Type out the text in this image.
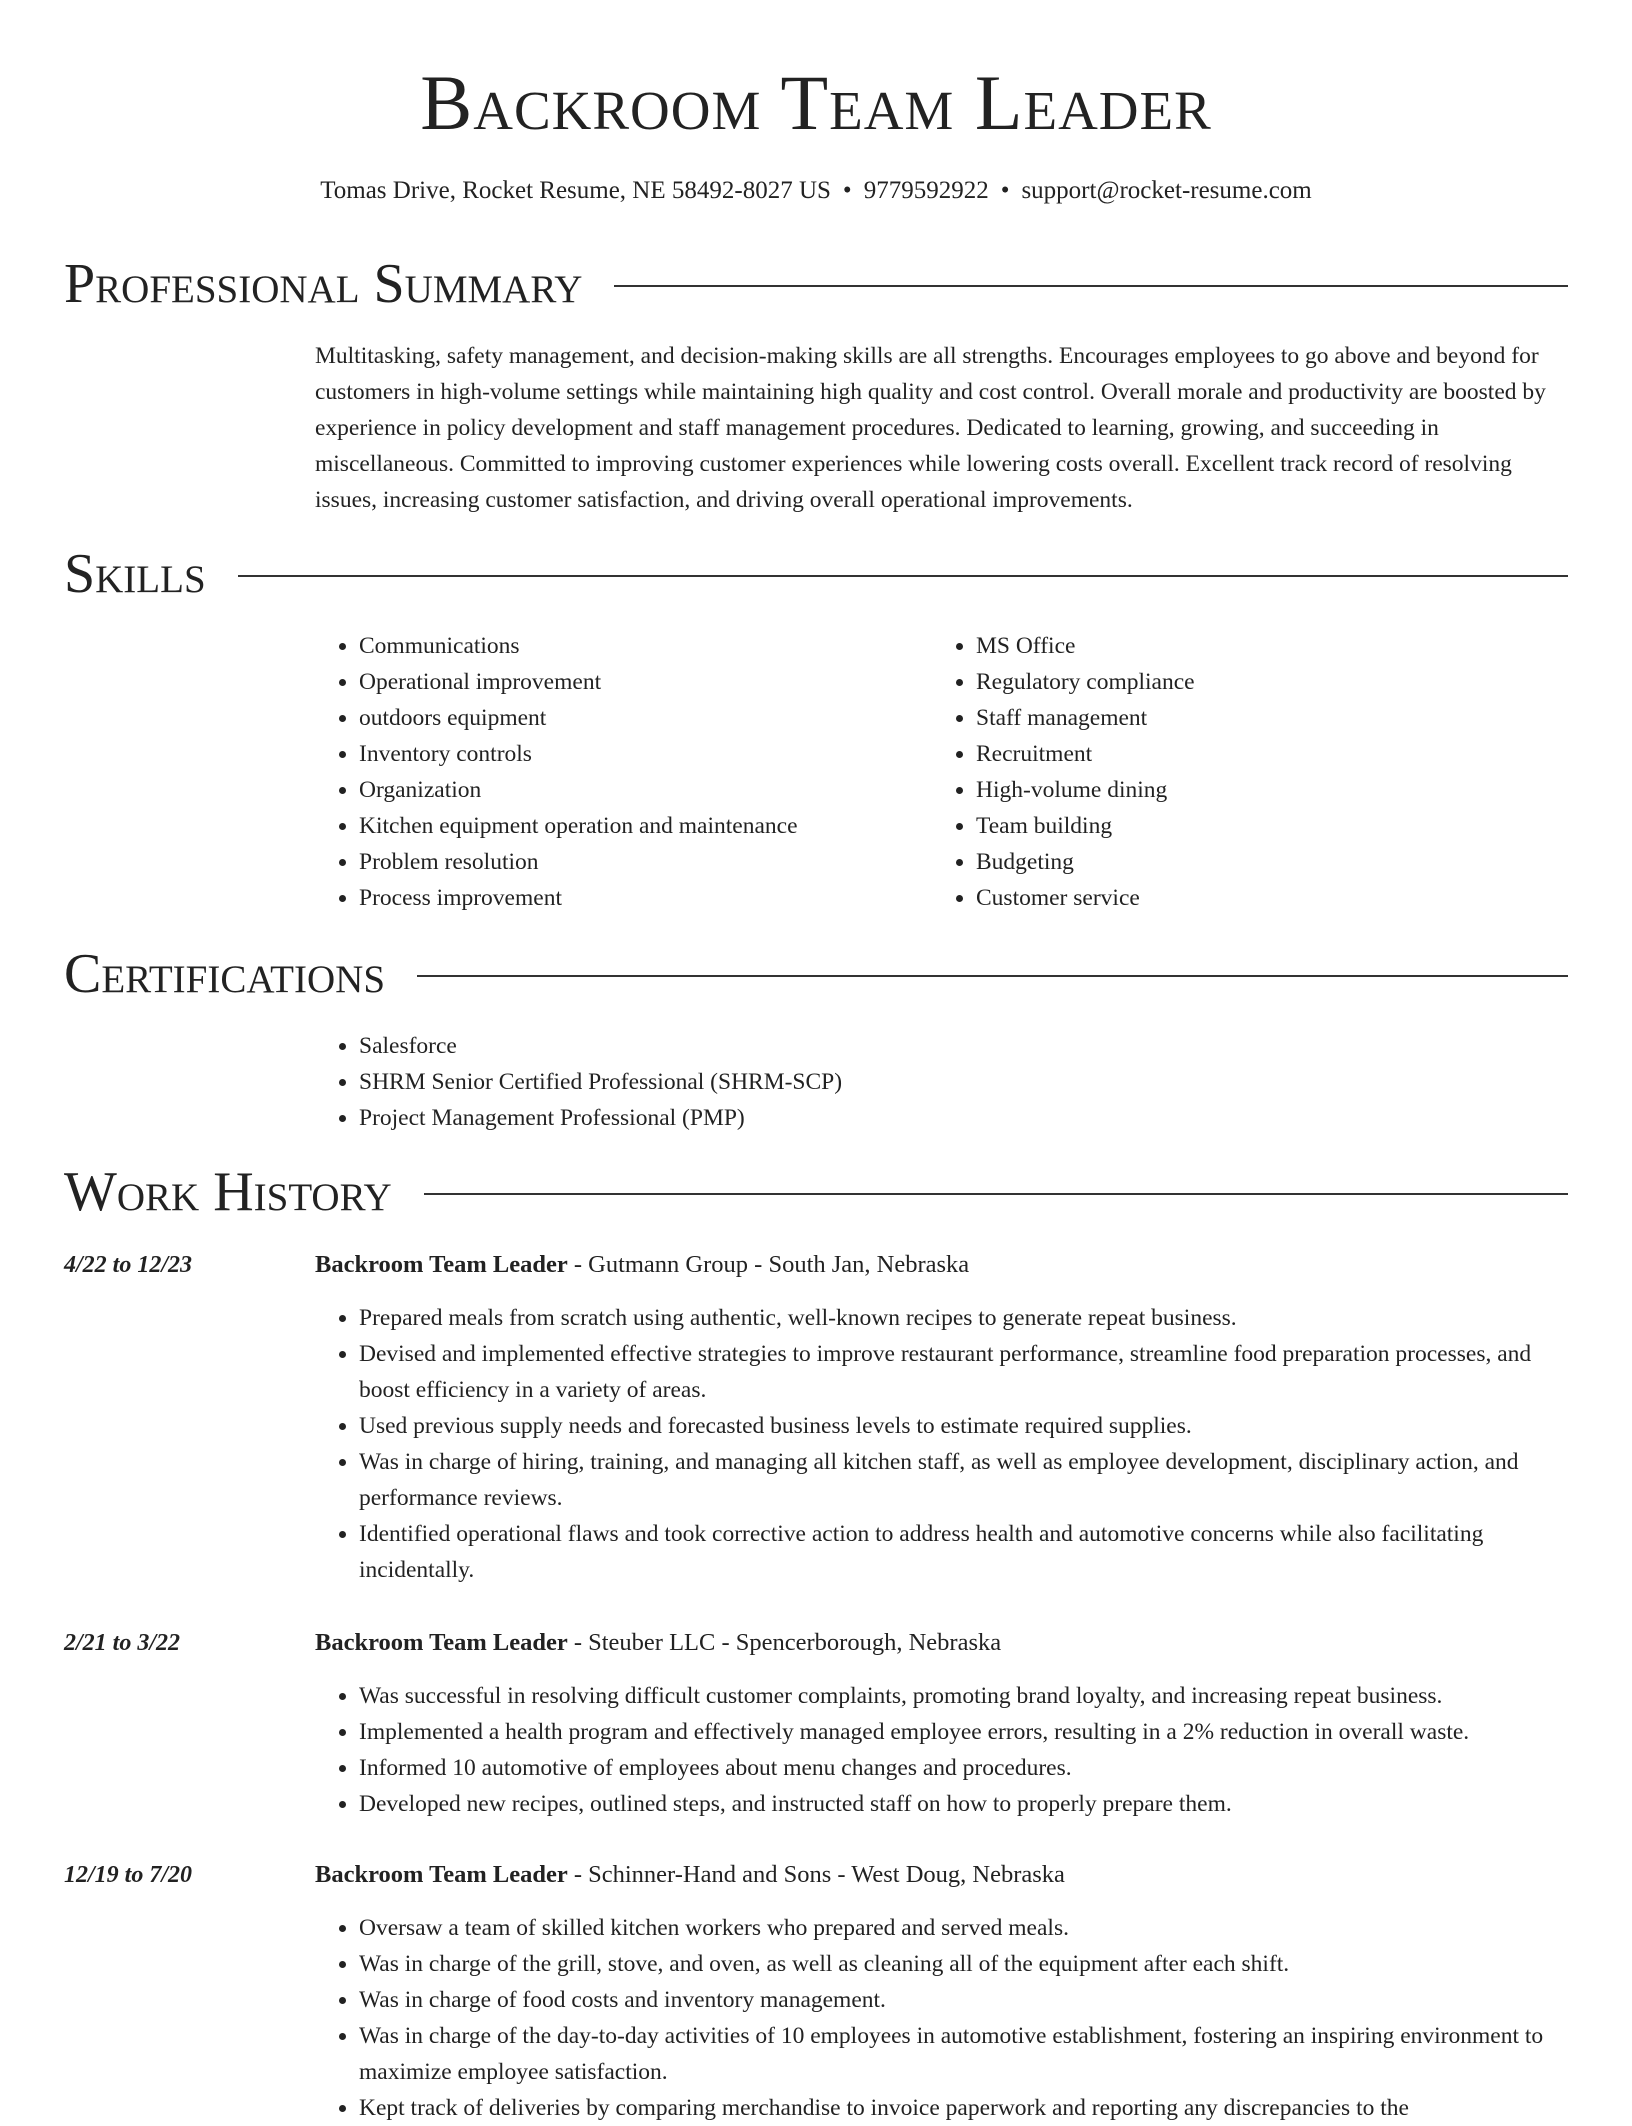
Backroom Team Leader
Tomas Drive, Rocket Resume, NE 58492-8027 US • 9779592922 • support@rocket-resume.com
Professional Summary

Multitasking, safety management, and decision-making skills are all strengths. Encourages employees to go above and beyond for customers in high-volume settings while maintaining high quality and cost control. Overall morale and productivity are boosted by experience in policy development and staff management procedures. Dedicated to learning, growing, and succeeding in miscellaneous. Committed to improving customer experiences while lowering costs overall. Excellent track record of resolving issues, increasing customer satisfaction, and driving overall operational improvements.

Skills
• Communications
• Operational improvement
• outdoors equipment
• Inventory controls
• Organization
• Kitchen equipment operation and maintenance
• Problem resolution
• Process improvement
• MS Office
• Regulatory compliance
• Staff management
• Recruitment
• High-volume dining
• Team building
• Budgeting
• Customer service
Certifications
• Salesforce
• SHRM Senior Certified Professional (SHRM-SCP)
• Project Management Professional (PMP)
Work History
4/22 to 12/23	Backroom Team Leader - Gutmann Group - South Jan, Nebraska
• Prepared meals from scratch using authentic, well-known recipes to generate repeat business.
• Devised and implemented effective strategies to improve restaurant performance, streamline food preparation processes, and boost efficiency in a variety of areas.
• Used previous supply needs and forecasted business levels to estimate required supplies.
• Was in charge of hiring, training, and managing all kitchen staff, as well as employee development, disciplinary action, and performance reviews.
• Identified operational flaws and took corrective action to address health and automotive concerns while also facilitating incidentally.
2/21 to 3/22	Backroom Team Leader - Steuber LLC - Spencerborough, Nebraska
• Was successful in resolving difficult customer complaints, promoting brand loyalty, and increasing repeat business.
• Implemented a health program and effectively managed employee errors, resulting in a 2% reduction in overall waste.
• Informed 10 automotive of employees about menu changes and procedures.
• Developed new recipes, outlined steps, and instructed staff on how to properly prepare them.
12/19 to 7/20	Backroom Team Leader - Schinner-Hand and Sons - West Doug, Nebraska
• Oversaw a team of skilled kitchen workers who prepared and served meals.
• Was in charge of the grill, stove, and oven, as well as cleaning all of the equipment after each shift.
• Was in charge of food costs and inventory management.
• Was in charge of the day-to-day activities of 10 employees in automotive establishment, fostering an inspiring environment to maximize employee satisfaction.
• Kept track of deliveries by comparing merchandise to invoice paperwork and reporting any discrepancies to the
